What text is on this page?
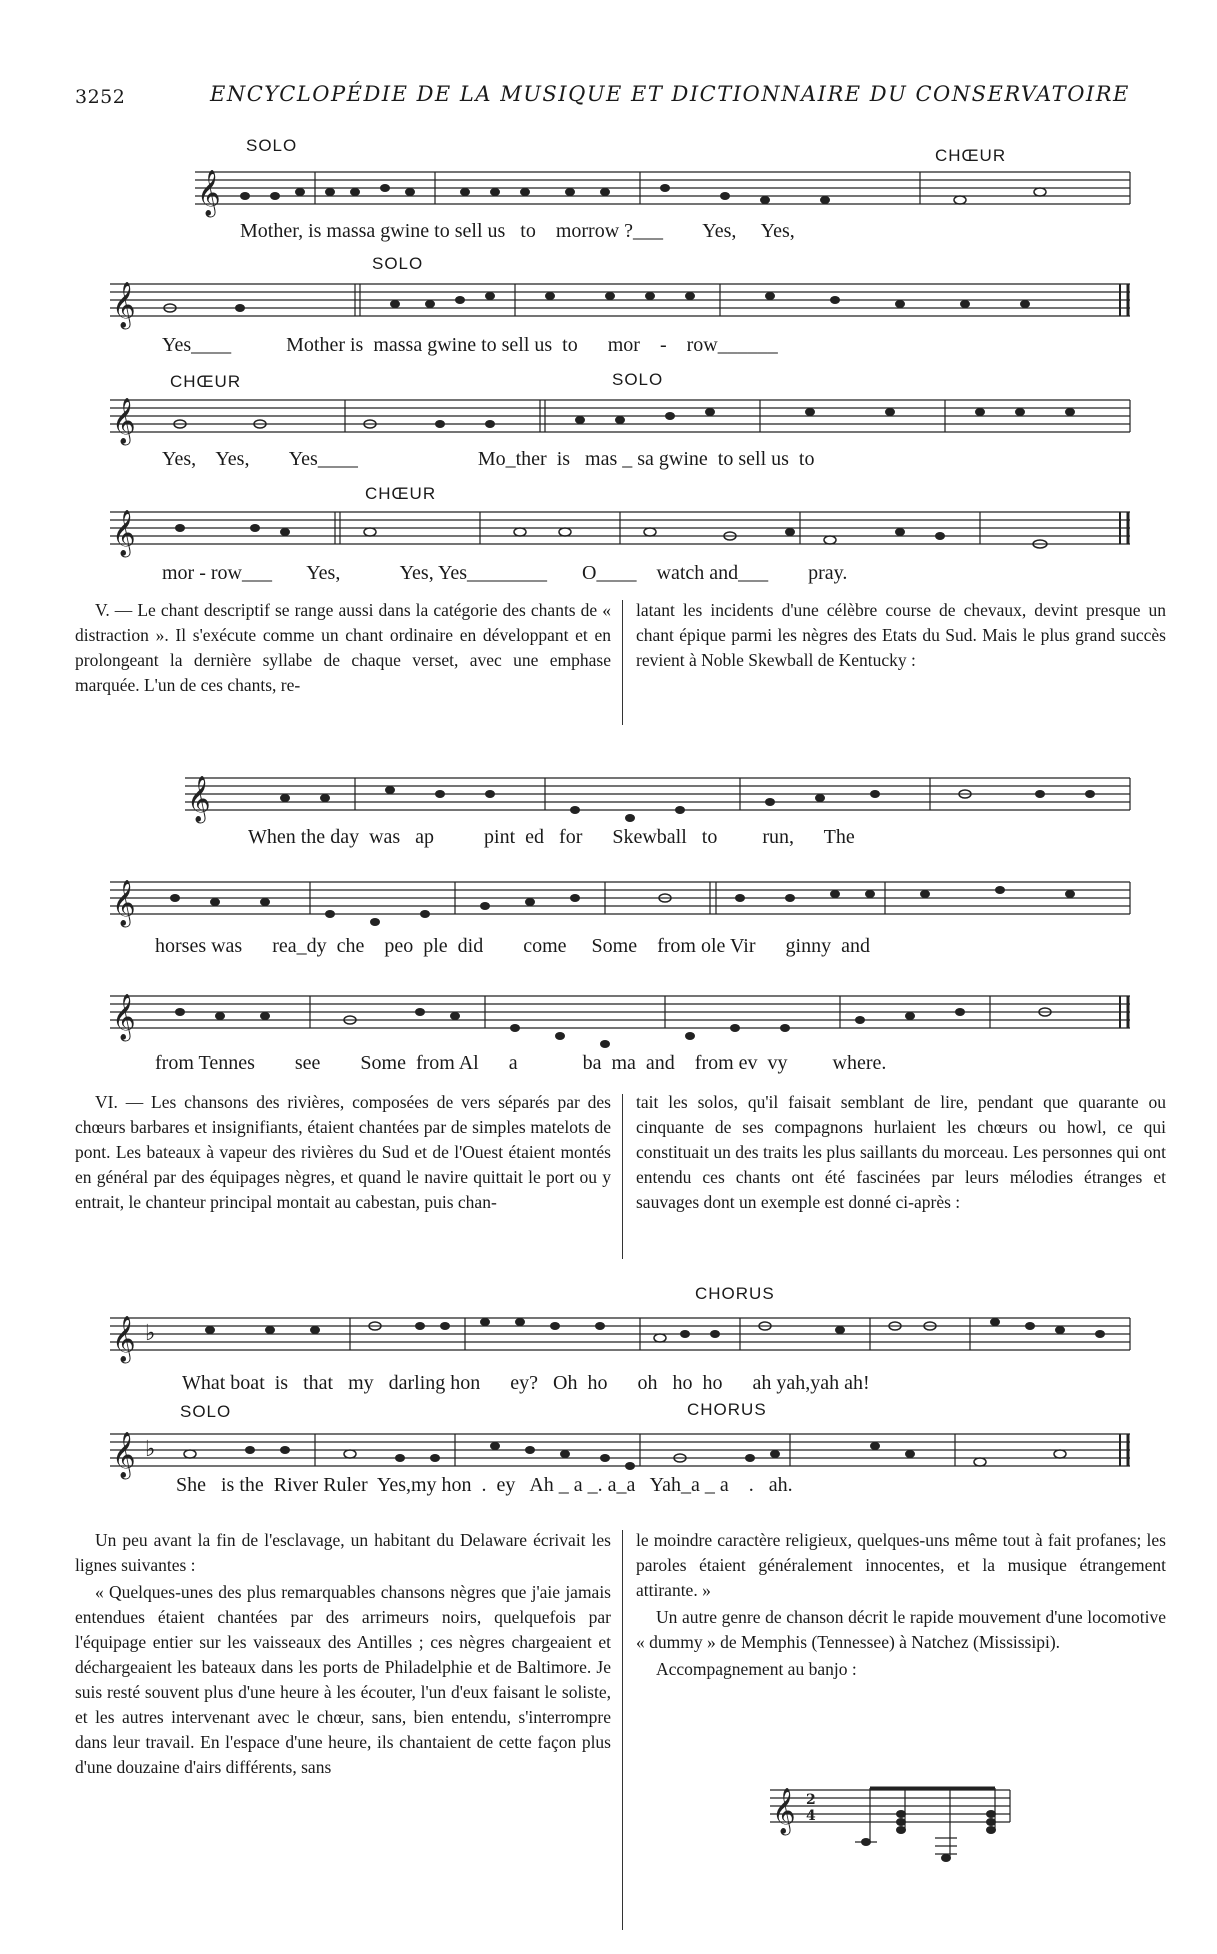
3252	ENCYCLOPÉDIE DE LA MUSIQUE ET DICTIONNAIRE DU CONSERVATOIRE
SOLO
CHŒUR
𝄞
Mother, is massa gwine to sell us   to    morrow ?___        Yes,     Yes,
SOLO
𝄞
Yes____           Mother is  massa gwine to sell us  to      mor    -    row______
CHŒUR	SOLO
𝄞
Yes,    Yes,        Yes____                        Mo_ther  is   mas _ sa gwine  to sell us  to
CHŒUR
𝄞
mor - row___       Yes,            Yes, Yes________       O____    watch and___        pray.

V. — Le chant descriptif se range aussi dans la catégorie des chants de « distraction ». Il s'exécute comme un chant ordinaire en développant et en prolongeant la dernière syllabe de chaque verset, avec une emphase marquée. L'un de ces chants, re-

latant les incidents d'une célèbre course de chevaux, devint presque un chant épique parmi les nègres des Etats du Sud. Mais le plus grand succès revient à Noble Skewball de Kentucky :

𝄞
When the day  was   ap          pint  ed   for      Skewball   to         run,      The
𝄞
horses was      rea_dy  che    peo  ple  did        come     Some    from ole Vir      ginny  and
𝄞
from Tennes        see        Some  from Al      a             ba  ma  and    from ev  vy         where.

VI. — Les chansons des rivières, composées de vers séparés par des chœurs barbares et insignifiants, étaient chantées par de simples matelots de pont. Les bateaux à vapeur des rivières du Sud et de l'Ouest étaient montés en général par des équipages nègres, et quand le navire quittait le port ou y entrait, le chanteur principal montait au cabestan, puis chan-

tait les solos, qu'il faisait semblant de lire, pendant que quarante ou cinquante de ses compagnons hurlaient les chœurs ou howl, ce qui constituait un des traits les plus saillants du morceau. Les personnes qui ont entendu ces chants ont été fascinées par leurs mélodies étranges et sauvages dont un exemple est donné ci-après :

CHORUS
𝄞 ♭
What boat  is   that   my   darling hon      ey?   Oh  ho      oh   ho  ho      ah yah,yah ah!
SOLO	CHORUS
𝄞 ♭
She   is the  River Ruler  Yes,my hon  .  ey   Ah _ a _. a_a   Yah_a _ a    .   ah.

Un peu avant la fin de l'esclavage, un habitant du Delaware écrivait les lignes suivantes :

« Quelques-unes des plus remarquables chansons nègres que j'aie jamais entendues étaient chantées par des arrimeurs noirs, quelquefois par l'équipage entier sur les vaisseaux des Antilles ; ces nègres chargeaient et déchargeaient les bateaux dans les ports de Philadelphie et de Baltimore. Je suis resté souvent plus d'une heure à les écouter, l'un d'eux faisant le soliste, et les autres intervenant avec le chœur, sans, bien entendu, s'interrompre dans leur travail. En l'espace d'une heure, ils chantaient de cette façon plus d'une douzaine d'airs différents, sans

le moindre caractère religieux, quelques-uns même tout à fait profanes; les paroles étaient généralement innocentes, et la musique étrangement attirante. »

Un autre genre de chanson décrit le rapide mouvement d'une locomotive « dummy » de Memphis (Tennessee) à Natchez (Mississipi).

Accompagnement au banjo :

𝄞 2
4
